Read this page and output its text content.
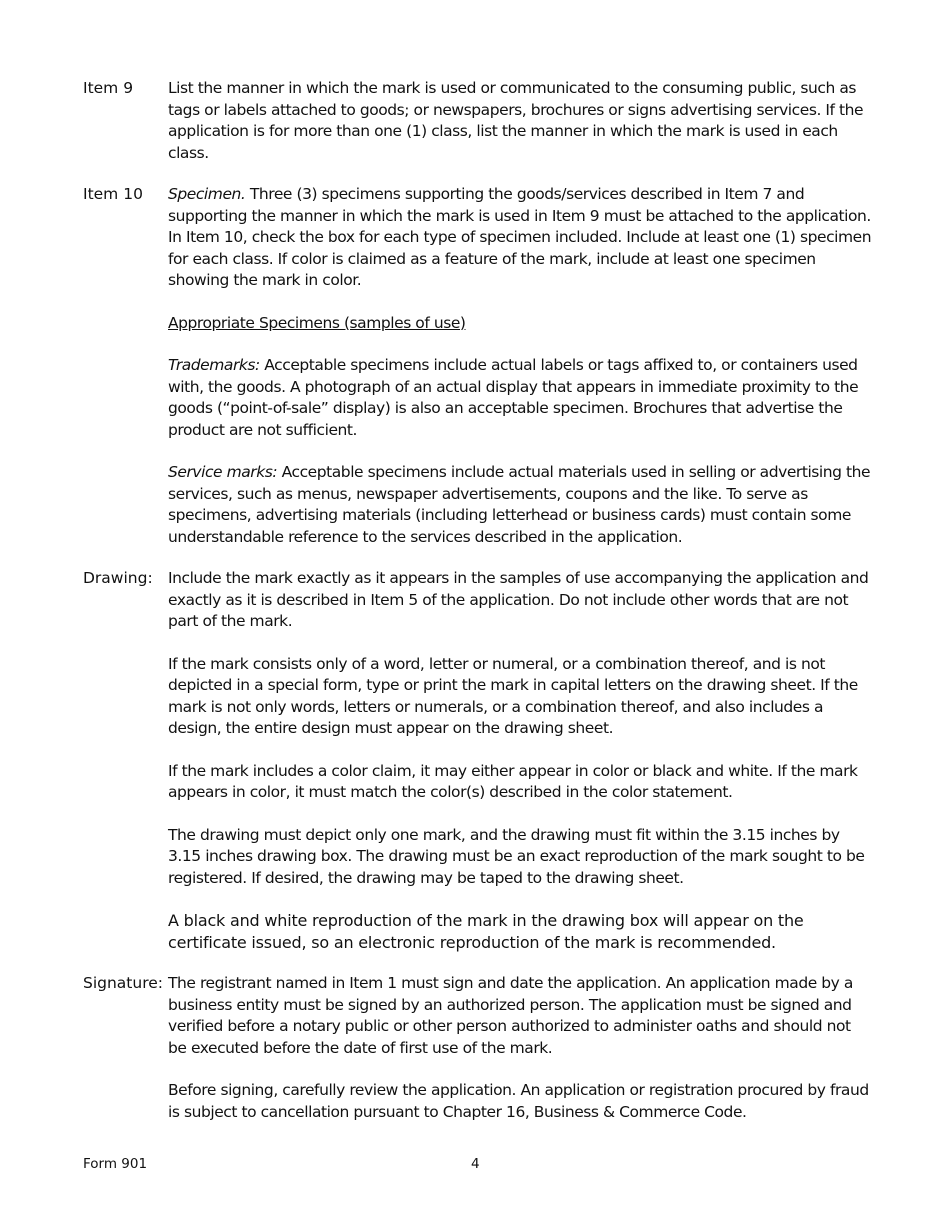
Item 9	List the manner in which the mark is used or communicated to the consuming public, such as tags or labels attached to goods; or newspapers, brochures or signs advertising services. If the application is for more than one (1) class, list the manner in which the mark is used in each class.

Item 10	Specimen. Three (3) specimens supporting the goods/services described in Item 7 and supporting the manner in which the mark is used in Item 9 must be attached to the application. In Item 10, check the box for each type of specimen included. Include at least one (1) specimen for each class. If color is claimed as a feature of the mark, include at least one specimen showing the mark in color.

Appropriate Specimens (samples of use)

Trademarks: Acceptable specimens include actual labels or tags affixed to, or containers used with, the goods. A photograph of an actual display that appears in immediate proximity to the goods (“point-of-sale” display) is also an acceptable specimen. Brochures that advertise the product are not sufficient.

Service marks: Acceptable specimens include actual materials used in selling or advertising the services, such as menus, newspaper advertisements, coupons and the like. To serve as specimens, advertising materials (including letterhead or business cards) must contain some understandable reference to the services described in the application.

Drawing: Include the mark exactly as it appears in the samples of use accompanying the application and exactly as it is described in Item 5 of the application. Do not include other words that are not part of the mark.

If the mark consists only of a word, letter or numeral, or a combination thereof, and is not depicted in a special form, type or print the mark in capital letters on the drawing sheet. If the mark is not only words, letters or numerals, or a combination thereof, and also includes a design, the entire design must appear on the drawing sheet.

If the mark includes a color claim, it may either appear in color or black and white. If the mark appears in color, it must match the color(s) described in the color statement.

The drawing must depict only one mark, and the drawing must fit within the 3.15 inches by 3.15 inches drawing box. The drawing must be an exact reproduction of the mark sought to be registered. If desired, the drawing may be taped to the drawing sheet.

A black and white reproduction of the mark in the drawing box will appear on the certificate issued, so an electronic reproduction of the mark is recommended.

Signature: The registrant named in Item 1 must sign and date the application. An application made by a business entity must be signed by an authorized person. The application must be signed and verified before a notary public or other person authorized to administer oaths and should not be executed before the date of first use of the mark.

Before signing, carefully review the application. An application or registration procured by fraud is subject to cancellation pursuant to Chapter 16, Business & Commerce Code.

Form 901	4
